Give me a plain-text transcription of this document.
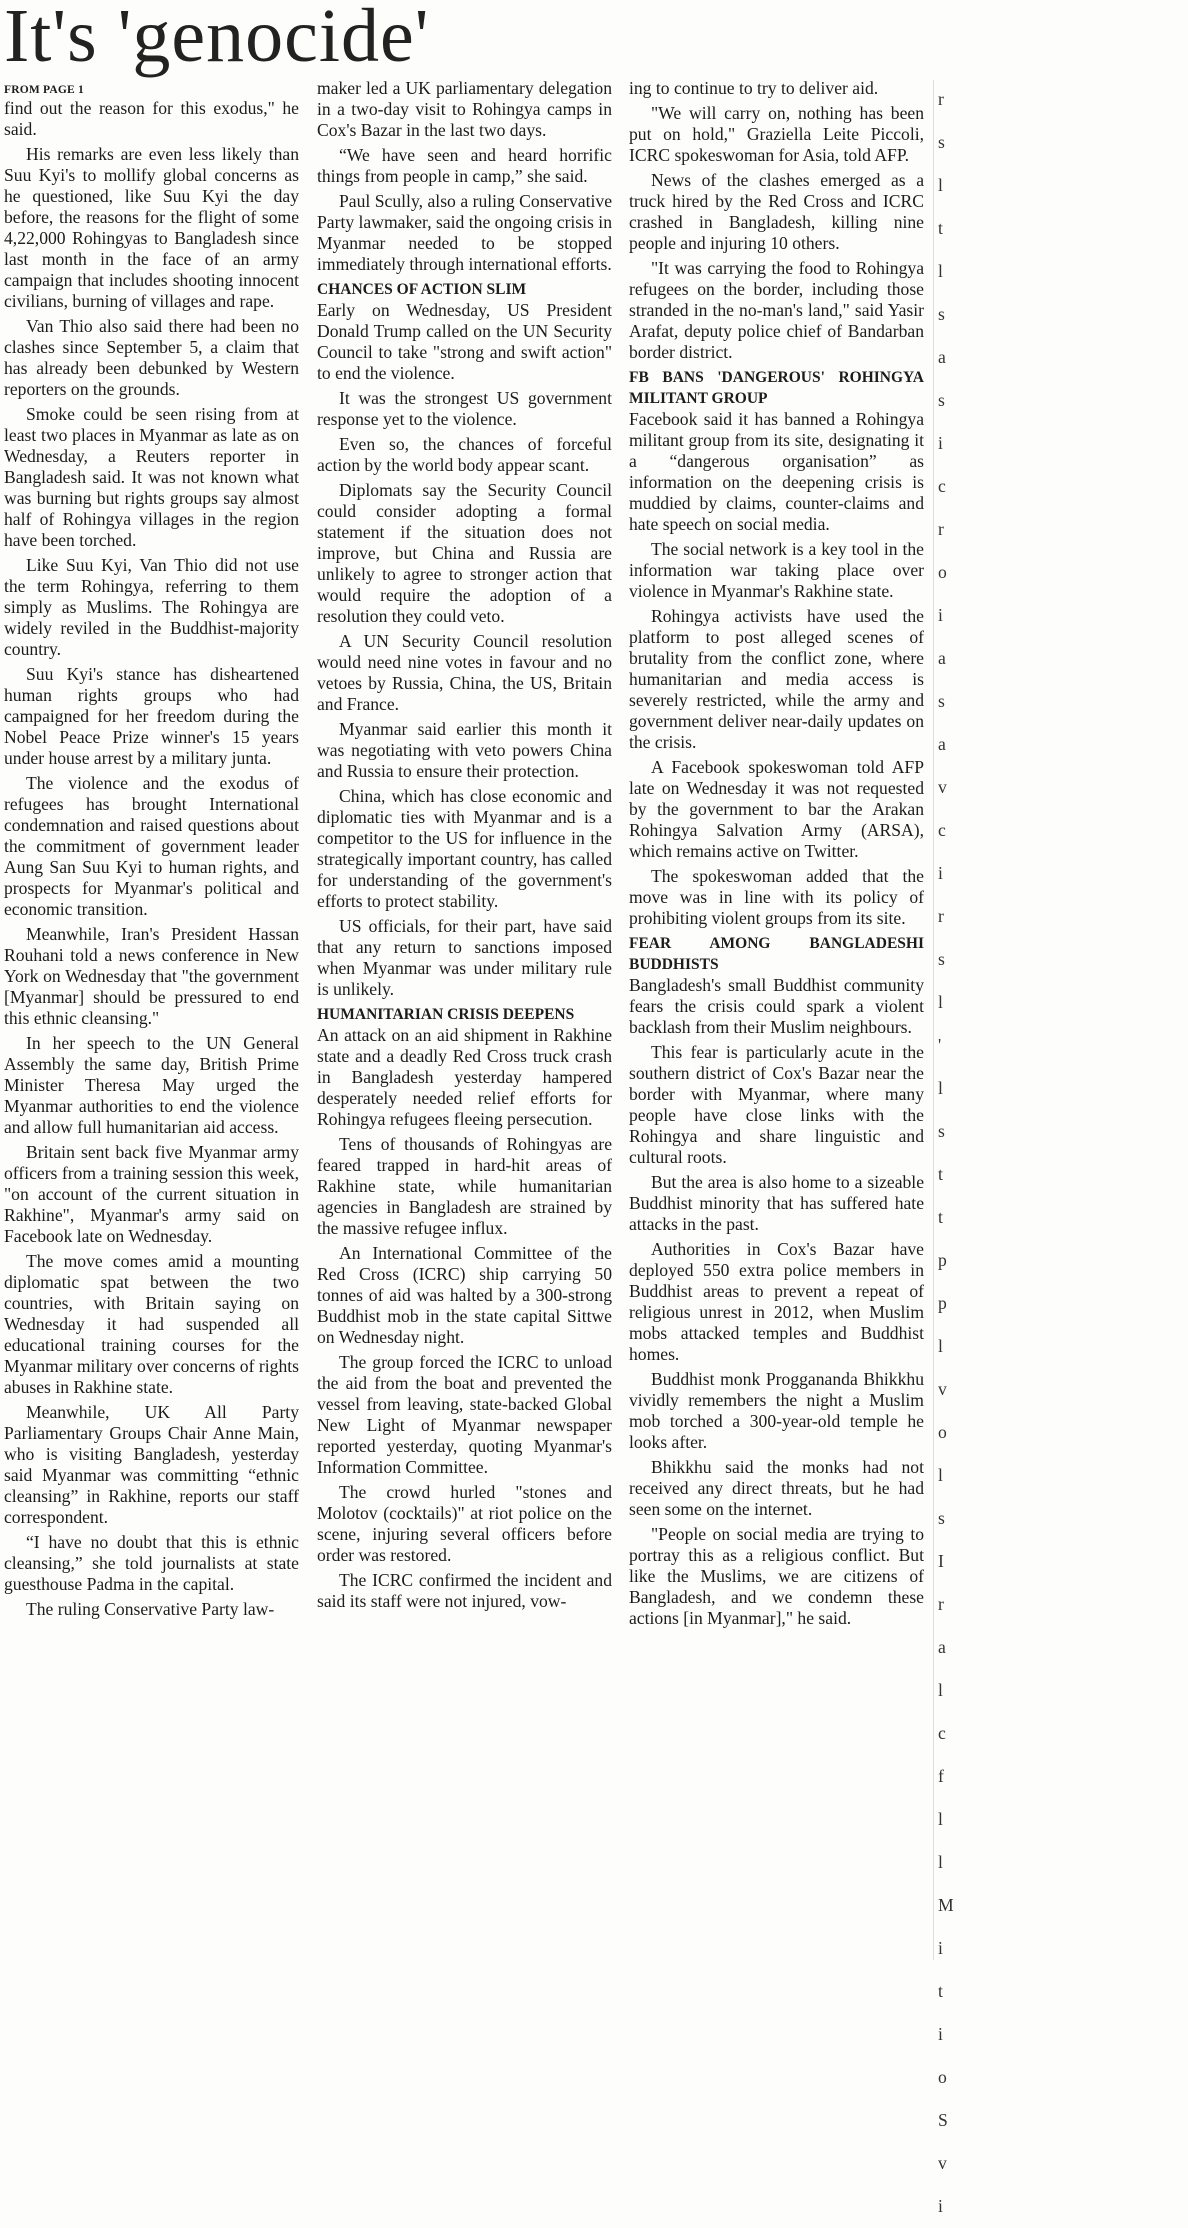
It's 'genocide'
FROM PAGE 1

find out the reason for this exodus," he said.

His remarks are even less likely than Suu Kyi's to mollify global concerns as he questioned, like Suu Kyi the day before, the reasons for the flight of some 4,22,000 Rohingyas to Bangladesh since last month in the face of an army campaign that includes shooting innocent civilians, burning of villages and rape.

Van Thio also said there had been no clashes since September 5, a claim that has already been debunked by Western reporters on the grounds.

Smoke could be seen rising from at least two places in Myanmar as late as on Wednesday, a Reuters reporter in Bangladesh said. It was not known what was burning but rights groups say almost half of Rohingya villages in the region have been torched.

Like Suu Kyi, Van Thio did not use the term Rohingya, referring to them simply as Muslims. The Rohingya are widely reviled in the Buddhist-majority country.

Suu Kyi's stance has disheartened human rights groups who had campaigned for her freedom during the Nobel Peace Prize winner's 15 years under house arrest by a military junta.

The violence and the exodus of refugees has brought International condemnation and raised questions about the commitment of government leader Aung San Suu Kyi to human rights, and prospects for Myanmar's political and economic transition.

Meanwhile, Iran's President Hassan Rouhani told a news conference in New York on Wednesday that "the government [Myanmar] should be pressured to end this ethnic cleansing."

In her speech to the UN General Assembly the same day, British Prime Minister Theresa May urged the Myanmar authorities to end the violence and allow full humanitarian aid access.

Britain sent back five Myanmar army officers from a training session this week, "on account of the current situation in Rakhine", Myanmar's army said on Facebook late on Wednesday.

The move comes amid a mounting diplomatic spat between the two countries, with Britain saying on Wednesday it had suspended all educational training courses for the Myanmar military over concerns of rights abuses in Rakhine state.

Meanwhile, UK All Party Parliamentary Groups Chair Anne Main, who is visiting Bangladesh, yesterday said Myanmar was committing “ethnic cleansing” in Rakhine, reports our staff correspondent.

“I have no doubt that this is ethnic cleansing,” she told journalists at state guesthouse Padma in the capital.

The ruling Conservative Party law-

maker led a UK parliamentary delegation in a two-day visit to Rohingya camps in Cox's Bazar in the last two days.

“We have seen and heard horrific things from people in camp,” she said.

Paul Scully, also a ruling Conservative Party lawmaker, said the ongoing crisis in Myanmar needed to be stopped immediately through international efforts.

CHANCES OF ACTION SLIM

Early on Wednesday, US President Donald Trump called on the UN Security Council to take "strong and swift action" to end the violence.

It was the strongest US government response yet to the violence.

Even so, the chances of forceful action by the world body appear scant.

Diplomats say the Security Council could consider adopting a formal statement if the situation does not improve, but China and Russia are unlikely to agree to stronger action that would require the adoption of a resolution they could veto.

A UN Security Council resolution would need nine votes in favour and no vetoes by Russia, China, the US, Britain and France.

Myanmar said earlier this month it was negotiating with veto powers China and Russia to ensure their protection.

China, which has close economic and diplomatic ties with Myanmar and is a competitor to the US for influence in the strategically important country, has called for understanding of the government's efforts to protect stability.

US officials, for their part, have said that any return to sanctions imposed when Myanmar was under military rule is unlikely.

HUMANITARIAN CRISIS DEEPENS

An attack on an aid shipment in Rakhine state and a deadly Red Cross truck crash in Bangladesh yesterday hampered desperately needed relief efforts for Rohingya refugees fleeing persecution.

Tens of thousands of Rohingyas are feared trapped in hard-hit areas of Rakhine state, while humanitarian agencies in Bangladesh are strained by the massive refugee influx.

An International Committee of the Red Cross (ICRC) ship carrying 50 tonnes of aid was halted by a 300-strong Buddhist mob in the state capital Sittwe on Wednesday night.

The group forced the ICRC to unload the aid from the boat and prevented the vessel from leaving, state-backed Global New Light of Myanmar newspaper reported yesterday, quoting Myanmar's Information Committee.

The crowd hurled "stones and Molotov (cocktails)" at riot police on the scene, injuring several officers before order was restored.

The ICRC confirmed the incident and said its staff were not injured, vow-

ing to continue to try to deliver aid.

"We will carry on, nothing has been put on hold," Graziella Leite Piccoli, ICRC spokeswoman for Asia, told AFP.

News of the clashes emerged as a truck hired by the Red Cross and ICRC crashed in Bangladesh, killing nine people and injuring 10 others.

"It was carrying the food to Rohingya refugees on the border, including those stranded in the no-man's land," said Yasir Arafat, deputy police chief of Bandarban border district.

FB BANS 'DANGEROUS' ROHINGYA MILITANT GROUP

Facebook said it has banned a Rohingya militant group from its site, designating it a “dangerous organisation” as information on the deepening crisis is muddied by claims, counter-claims and hate speech on social media.

The social network is a key tool in the information war taking place over violence in Myanmar's Rakhine state.

Rohingya activists have used the platform to post alleged scenes of brutality from the conflict zone, where humanitarian and media access is severely restricted, while the army and government deliver near-daily updates on the crisis.

A Facebook spokeswoman told AFP late on Wednesday it was not requested by the government to bar the Arakan Rohingya Salvation Army (ARSA), which remains active on Twitter.

The spokeswoman added that the move was in line with its policy of prohibiting violent groups from its site.

FEAR AMONG BANGLADESHI BUDDHISTS

Bangladesh's small Buddhist community fears the crisis could spark a violent backlash from their Muslim neighbours.

This fear is particularly acute in the southern district of Cox's Bazar near the border with Myanmar, where many people have close links with the Rohingya and share linguistic and cultural roots.

But the area is also home to a sizeable Buddhist minority that has suffered hate attacks in the past.

Authorities in Cox's Bazar have deployed 550 extra police members in Buddhist areas to prevent a repeat of religious unrest in 2012, when Muslim mobs attacked temples and Buddhist homes.

Buddhist monk Progganandа Bhikkhu vividly remembers the night a Muslim mob torched a 300-year-old temple he looks after.

Bhikkhu said the monks had not received any direct threats, but he had seen some on the internet.

"People on social media are trying to portray this as a religious conflict. But like the Muslims, we are citizens of Bangladesh, and we condemn these actions [in Myanmar]," he said.

r
s
l
t
l
s
a
s
i
c
r
o
i
a
s
a
v
c
i
r
s
l
'
l
s
t
t
p
p
l
v
o
l
s
I
r
a
l
c
f
l
l
M
i
t
i
o
S
v
i
